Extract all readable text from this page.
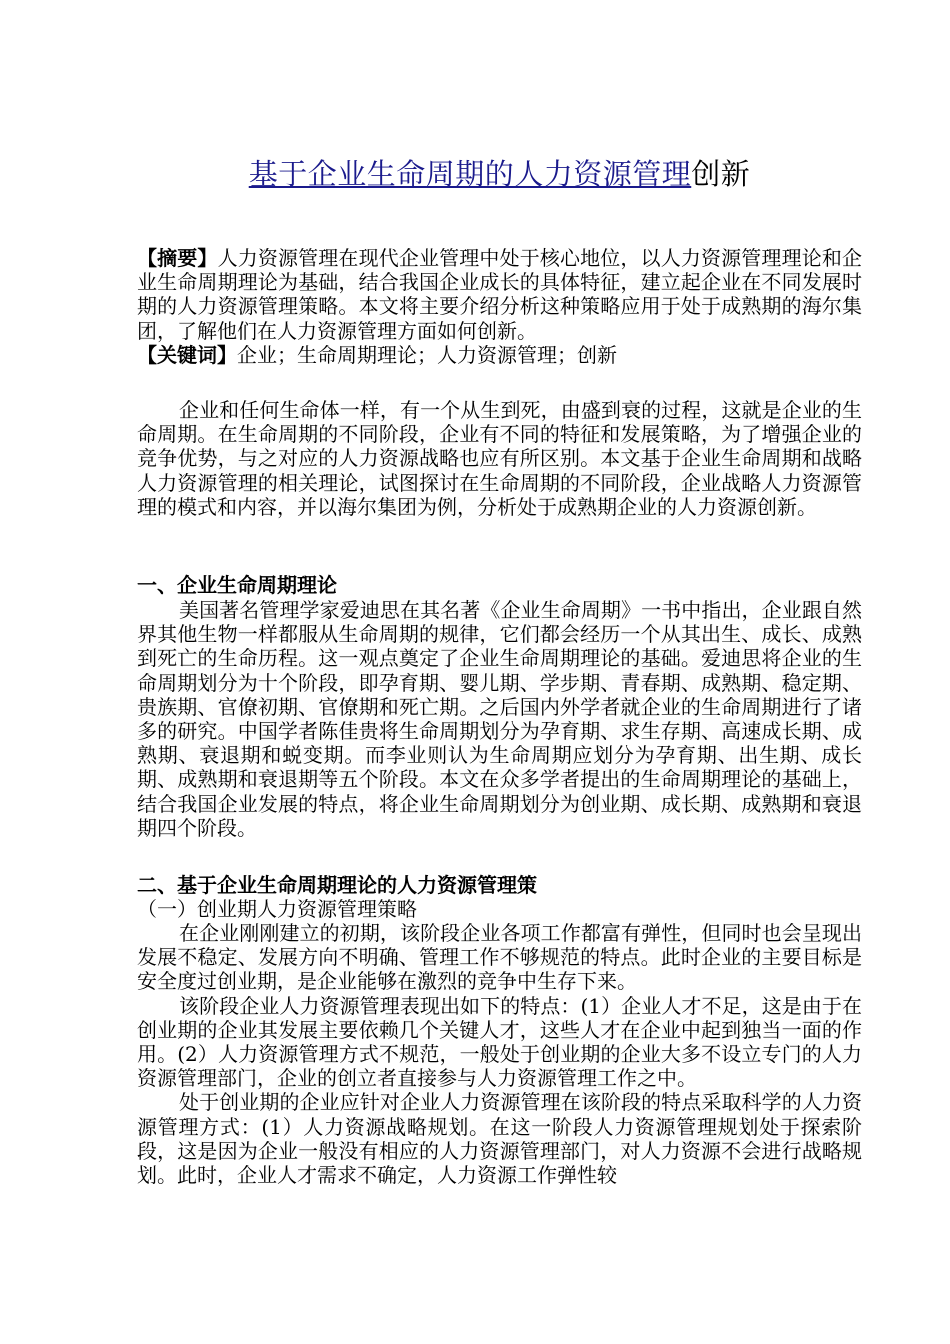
基于企业生命周期的人力资源管理创新

【摘要】人力资源管理在现代企业管理中处于核心地位，以人力资源管理理论和企业生命周期理论为基础，结合我国企业成长的具体特征，建立起企业在不同发展时期的人力资源管理策略。本文将主要介绍分析这种策略应用于处于成熟期的海尔集团，了解他们在人力资源管理方面如何创新。

【关键词】企业；生命周期理论；人力资源管理；创新

企业和任何生命体一样，有一个从生到死，由盛到衰的过程，这就是企业的生命周期。在生命周期的不同阶段，企业有不同的特征和发展策略，为了增强企业的竞争优势，与之对应的人力资源战略也应有所区别。本文基于企业生命周期和战略人力资源管理的相关理论，试图探讨在生命周期的不同阶段，企业战略人力资源管理的模式和内容，并以海尔集团为例，分析处于成熟期企业的人力资源创新。

一、企业生命周期理论

美国著名管理学家爱迪思在其名著《企业生命周期》一书中指出，企业跟自然界其他生物一样都服从生命周期的规律，它们都会经历一个从其出生、成长、成熟到死亡的生命历程。这一观点奠定了企业生命周期理论的基础。爱迪思将企业的生命周期划分为十个阶段，即孕育期、婴儿期、学步期、青春期、成熟期、稳定期、贵族期、官僚初期、官僚期和死亡期。之后国内外学者就企业的生命周期进行了诸多的研究。中国学者陈佳贵将生命周期划分为孕育期、求生存期、高速成长期、成熟期、衰退期和蜕变期。而李业则认为生命周期应划分为孕育期、出生期、成长期、成熟期和衰退期等五个阶段。本文在众多学者提出的生命周期理论的基础上，结合我国企业发展的特点，将企业生命周期划分为创业期、成长期、成熟期和衰退期四个阶段。

二、基于企业生命周期理论的人力资源管理策
（一）创业期人力资源管理策略

在企业刚刚建立的初期，该阶段企业各项工作都富有弹性，但同时也会呈现出发展不稳定、发展方向不明确、管理工作不够规范的特点。此时企业的主要目标是安全度过创业期，是企业能够在激烈的竞争中生存下来。

该阶段企业人力资源管理表现出如下的特点：(1）企业人才不足，这是由于在创业期的企业其发展主要依赖几个关键人才，这些人才在企业中起到独当一面的作用。(2）人力资源管理方式不规范，一般处于创业期的企业大多不设立专门的人力资源管理部门，企业的创立者直接参与人力资源管理工作之中。

处于创业期的企业应针对企业人力资源管理在该阶段的特点采取科学的人力资源管理方式：(1）人力资源战略规划。在这一阶段人力资源管理规划处于探索阶段，这是因为企业一般没有相应的人力资源管理部门，对人力资源不会进行战略规划。此时，企业人才需求不确定，人力资源工作弹性较
